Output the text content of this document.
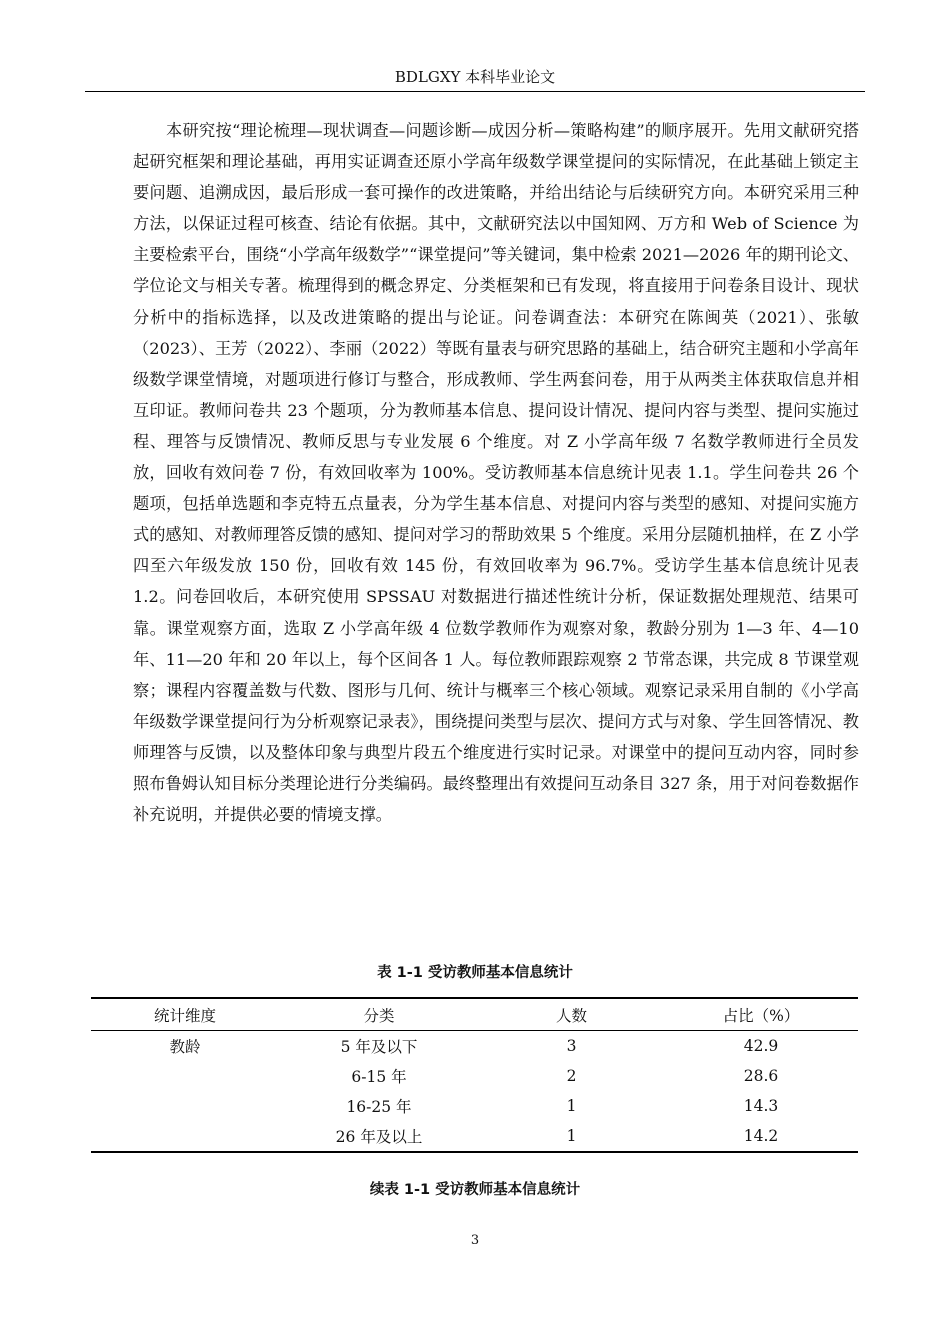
BDLGXY 本科毕业论文

本研究按“理论梳理—现状调查—问题诊断—成因分析—策略构建”的顺序展开。先用文献研究搭起研究框架和理论基础，再用实证调查还原小学高年级数学课堂提问的实际情况，在此基础上锁定主要问题、追溯成因，最后形成一套可操作的改进策略，并给出结论与后续研究方向。本研究采用三种方法，以保证过程可核查、结论有依据。其中，文献研究法以中国知网、万方和 Web of Science 为主要检索平台，围绕“小学高年级数学”“课堂提问”等关键词，集中检索 2021—2026 年的期刊论文、学位论文与相关专著。梳理得到的概念界定、分类框架和已有发现，将直接用于问卷条目设计、现状分析中的指标选择，以及改进策略的提出与论证。问卷调查法：本研究在陈闽英（2021）、张敏（2023）、王芳（2022）、李丽（2022）等既有量表与研究思路的基础上，结合研究主题和小学高年级数学课堂情境，对题项进行修订与整合，形成教师、学生两套问卷，用于从两类主体获取信息并相互印证。教师问卷共 23 个题项，分为教师基本信息、提问设计情况、提问内容与类型、提问实施过程、理答与反馈情况、教师反思与专业发展 6 个维度。对 Z 小学高年级 7 名数学教师进行全员发放，回收有效问卷 7 份，有效回收率为 100%。受访教师基本信息统计见表 1.1。学生问卷共 26 个题项，包括单选题和李克特五点量表，分为学生基本信息、对提问内容与类型的感知、对提问实施方式的感知、对教师理答反馈的感知、提问对学习的帮助效果 5 个维度。采用分层随机抽样，在 Z 小学四至六年级发放 150 份，回收有效 145 份，有效回收率为 96.7%。受访学生基本信息统计见表 1.2。问卷回收后，本研究使用 SPSSAU 对数据进行描述性统计分析，保证数据处理规范、结果可靠。课堂观察方面，选取 Z 小学高年级 4 位数学教师作为观察对象，教龄分别为 1—3 年、4—10 年、11—20 年和 20 年以上，每个区间各 1 人。每位教师跟踪观察 2 节常态课，共完成 8 节课堂观察；课程内容覆盖数与代数、图形与几何、统计与概率三个核心领域。观察记录采用自制的《小学高年级数学课堂提问行为分析观察记录表》，围绕提问类型与层次、提问方式与对象、学生回答情况、教师理答与反馈，以及整体印象与典型片段五个维度进行实时记录。对课堂中的提问互动内容，同时参照布鲁姆认知目标分类理论进行分类编码。最终整理出有效提问互动条目 327 条，用于对问卷数据作补充说明，并提供必要的情境支撑。

表 1-1 受访教师基本信息统计
统计维度	分类	人数	占比（%）
教龄	5 年及以下	3	42.9
	6-15 年	2	28.6
	16-25 年	1	14.3
	26 年及以上	1	14.2
续表 1-1 受访教师基本信息统计
3
